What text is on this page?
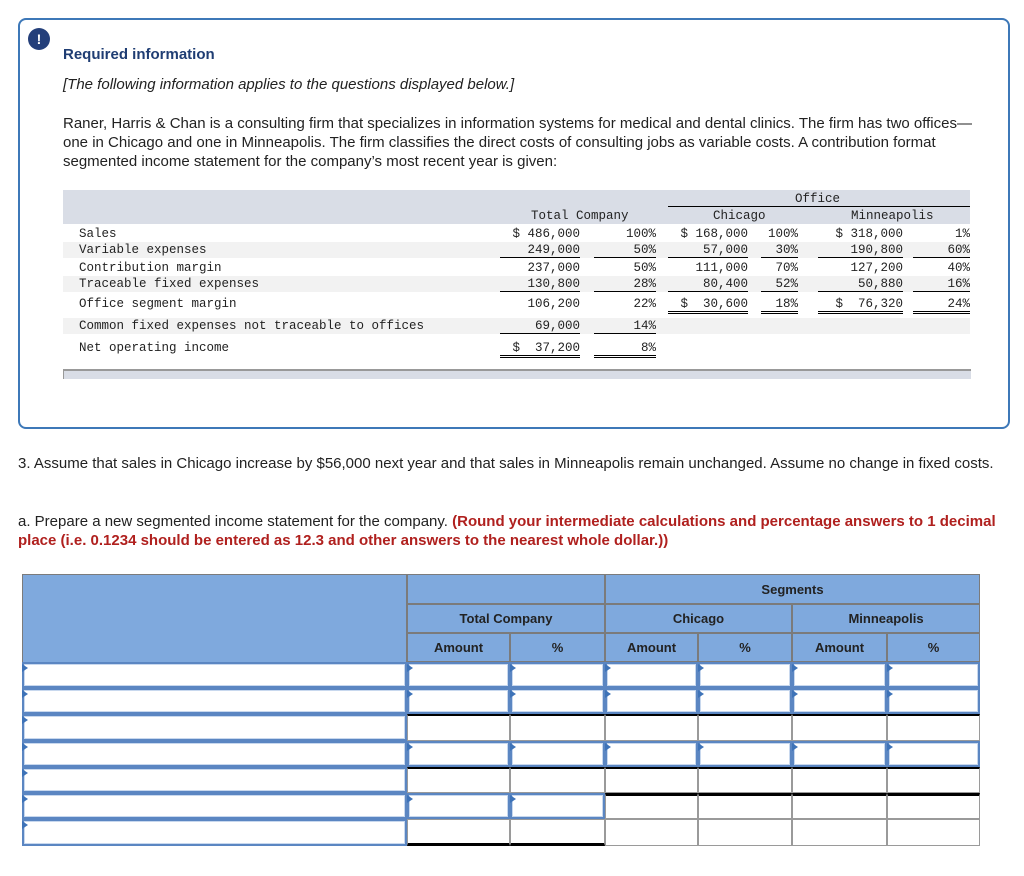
!
Required information
[The following information applies to the questions displayed below.]
Raner, Harris & Chan is a consulting firm that specializes in information systems for medical and dental clinics. The firm has two offices—one in Chicago and one in Minneapolis. The firm classifies the direct costs of consulting jobs as variable costs. A contribution format segmented income statement for the company’s most recent year is given:
Office
Total Company	Chicago	Minneapolis
Sales	$ 486,000	100%	$ 168,000	100%	$ 318,000	1%
Variable expenses	249,000	50%	57,000	30%	190,800	60%
Contribution margin	237,000	50%	111,000	70%	127,200	40%
Traceable fixed expenses	130,800	28%	80,400	52%	50,880	16%
Office segment margin	106,200	22%	$  30,600	18%	$  76,320	24%
Common fixed expenses not traceable to offices	69,000	14%
Net operating income	$  37,200	8%
3. Assume that sales in Chicago increase by $56,000 next year and that sales in Minneapolis remain unchanged. Assume no change in fixed costs.
a. Prepare a new segmented income statement for the company. (Round your intermediate calculations and percentage answers to 1 decimal place (i.e. 0.1234 should be entered as 12.3 and other answers to the nearest whole dollar.))
Segments
Total Company	Chicago	Minneapolis
Amount	%	Amount	%	Amount	%
